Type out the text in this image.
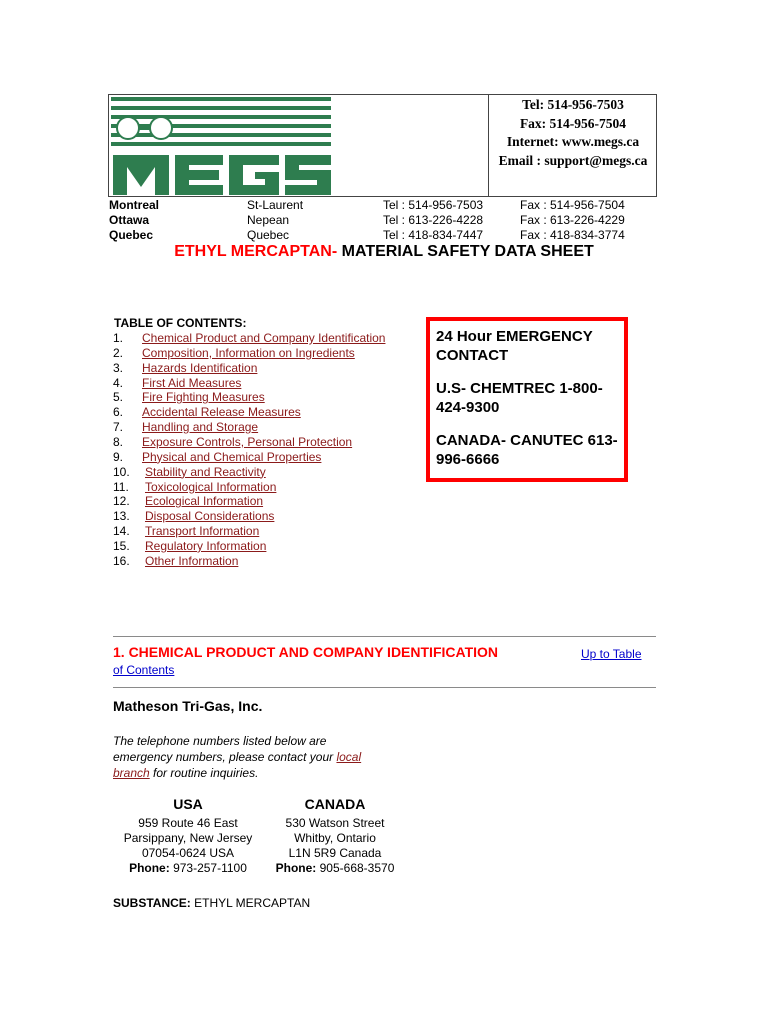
Tel: 514-956-7503
Fax: 514-956-7504
Internet: www.megs.ca
Email : support@megs.ca
Montreal	St-Laurent	Tel : 514-956-7503	Fax : 514-956-7504
Ottawa	Nepean	Tel : 613-226-4228	Fax : 613-226-4229
Quebec	Quebec	Tel : 418-834-7447	Fax : 418-834-3774
ETHYL MERCAPTAN- MATERIAL SAFETY DATA SHEET
TABLE OF CONTENTS:
1. Chemical Product and Company Identification
2. Composition, Information on Ingredients
3. Hazards Identification
4. First Aid Measures
5. Fire Fighting Measures
6. Accidental Release Measures
7. Handling and Storage
8. Exposure Controls, Personal Protection
9. Physical and Chemical Properties
10. Stability and Reactivity
11. Toxicological Information
12. Ecological Information
13. Disposal Considerations
14. Transport Information
15. Regulatory Information
16. Other Information

24 Hour EMERGENCY CONTACT

U.S- CHEMTREC 1-800-424-9300

CANADA- CANUTEC 613-996-6666

1. CHEMICAL PRODUCT AND COMPANY IDENTIFICATION	Up to Table
of Contents
Matheson Tri-Gas, Inc.
The telephone numbers listed below are
emergency numbers, please contact your local
branch for routine inquiries.
USA
959 Route 46 East
Parsippany, New Jersey
07054-0624 USA
Phone: 973-257-1100
CANADA
530 Watson Street
Whitby, Ontario
L1N 5R9 Canada
Phone: 905-668-3570
SUBSTANCE: ETHYL MERCAPTAN
